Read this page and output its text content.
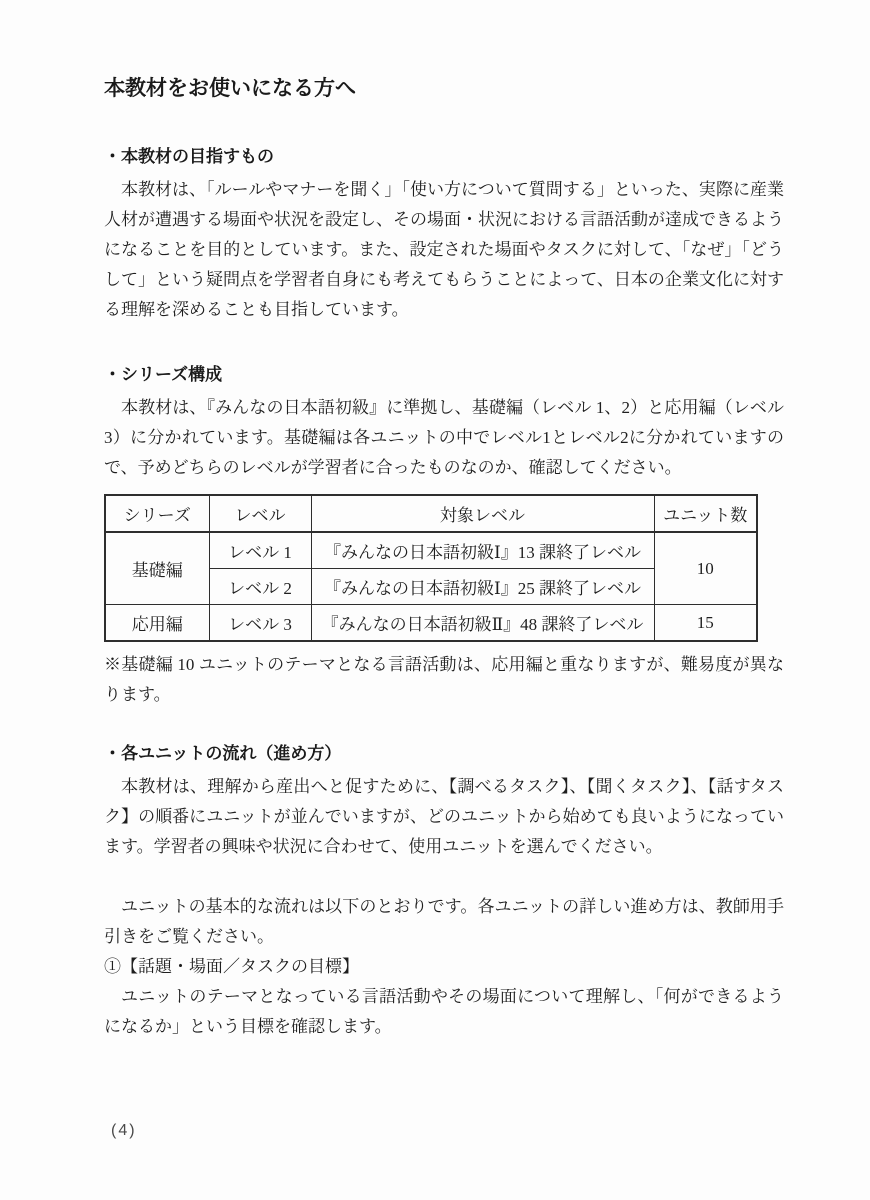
本教材をお使いになる方へ
・本教材の目指すもの

本教材は、「ルールやマナーを聞く」「使い方について質問する」といった、実際に産業人材が遭遇する場面や状況を設定し、その場面・状況における言語活動が達成できるようになることを目的としています。また、設定された場面やタスクに対して、「なぜ」「どうして」という疑問点を学習者自身にも考えてもらうことによって、日本の企業文化に対する理解を深めることも目指しています。

・シリーズ構成

本教材は、『みんなの日本語初級』に準拠し、基礎編（レベル 1、2）と応用編（レベル 3）に分かれています。基礎編は各ユニットの中でレベル1とレベル2に分かれていますので、予めどちらのレベルが学習者に合ったものなのか、確認してください。

シリーズ	レベル	対象レベル	ユニット数
基礎編	レベル 1	『みんなの日本語初級Ⅰ』13 課終了レベル	10
	レベル 2	『みんなの日本語初級Ⅰ』25 課終了レベル	
応用編	レベル 3	『みんなの日本語初級Ⅱ』48 課終了レベル	15

※基礎編 10 ユニットのテーマとなる言語活動は、応用編と重なりますが、難易度が異なります。

・各ユニットの流れ（進め方）

本教材は、理解から産出へと促すために、【調べるタスク】、【聞くタスク】、【話すタスク】の順番にユニットが並んでいますが、どのユニットから始めても良いようになっています。学習者の興味や状況に合わせて、使用ユニットを選んでください。

ユニットの基本的な流れは以下のとおりです。各ユニットの詳しい進め方は、教師用手引きをご覧ください。

①【話題・場面／タスクの目標】

ユニットのテーマとなっている言語活動やその場面について理解し、「何ができるようになるか」という目標を確認します。

(4)
